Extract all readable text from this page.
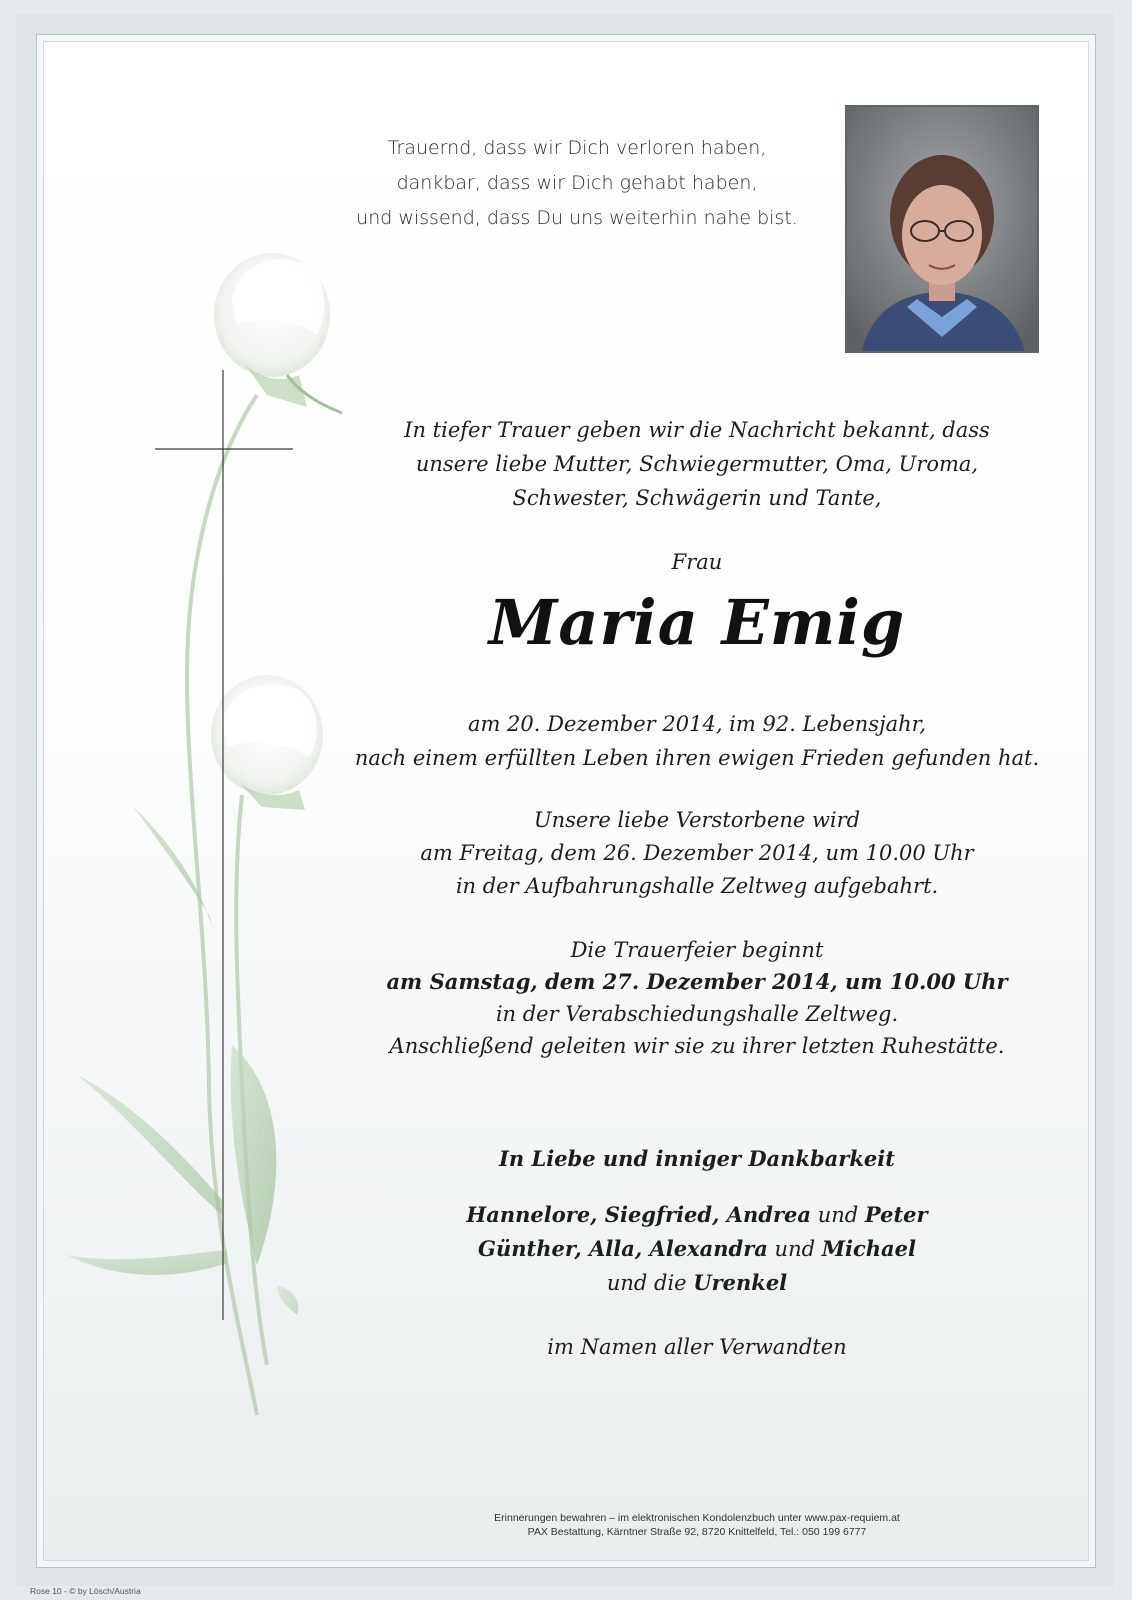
Trauernd, dass wir Dich verloren haben,
dankbar, dass wir Dich gehabt haben,
und wissend, dass Du uns weiterhin nahe bist.
In tiefer Trauer geben wir die Nachricht bekannt, dass
unsere liebe Mutter, Schwiegermutter, Oma, Uroma,
Schwester, Schwägerin und Tante,
Frau
Maria Emig
am 20. Dezember 2014, im 92. Lebensjahr,
nach einem erfüllten Leben ihren ewigen Frieden gefunden hat.
Unsere liebe Verstorbene wird
am Freitag, dem 26. Dezember 2014, um 10.00 Uhr
in der Aufbahrungshalle Zeltweg aufgebahrt.
Die Trauerfeier beginnt
am Samstag, dem 27. Dezember 2014, um 10.00 Uhr
in der Verabschiedungshalle Zeltweg.
Anschließend geleiten wir sie zu ihrer letzten Ruhestätte.
In Liebe und inniger Dankbarkeit
Hannelore, Siegfried, Andrea und Peter
Günther, Alla, Alexandra und Michael
und die Urenkel
im Namen aller Verwandten
Erinnerungen bewahren – im elektronischen Kondolenzbuch unter www.pax-requiem.at
PAX Bestattung, Kärntner Straße 92, 8720 Knittelfeld, Tel.: 050 199 6777
Rose 10 - © by Lösch/Austria
